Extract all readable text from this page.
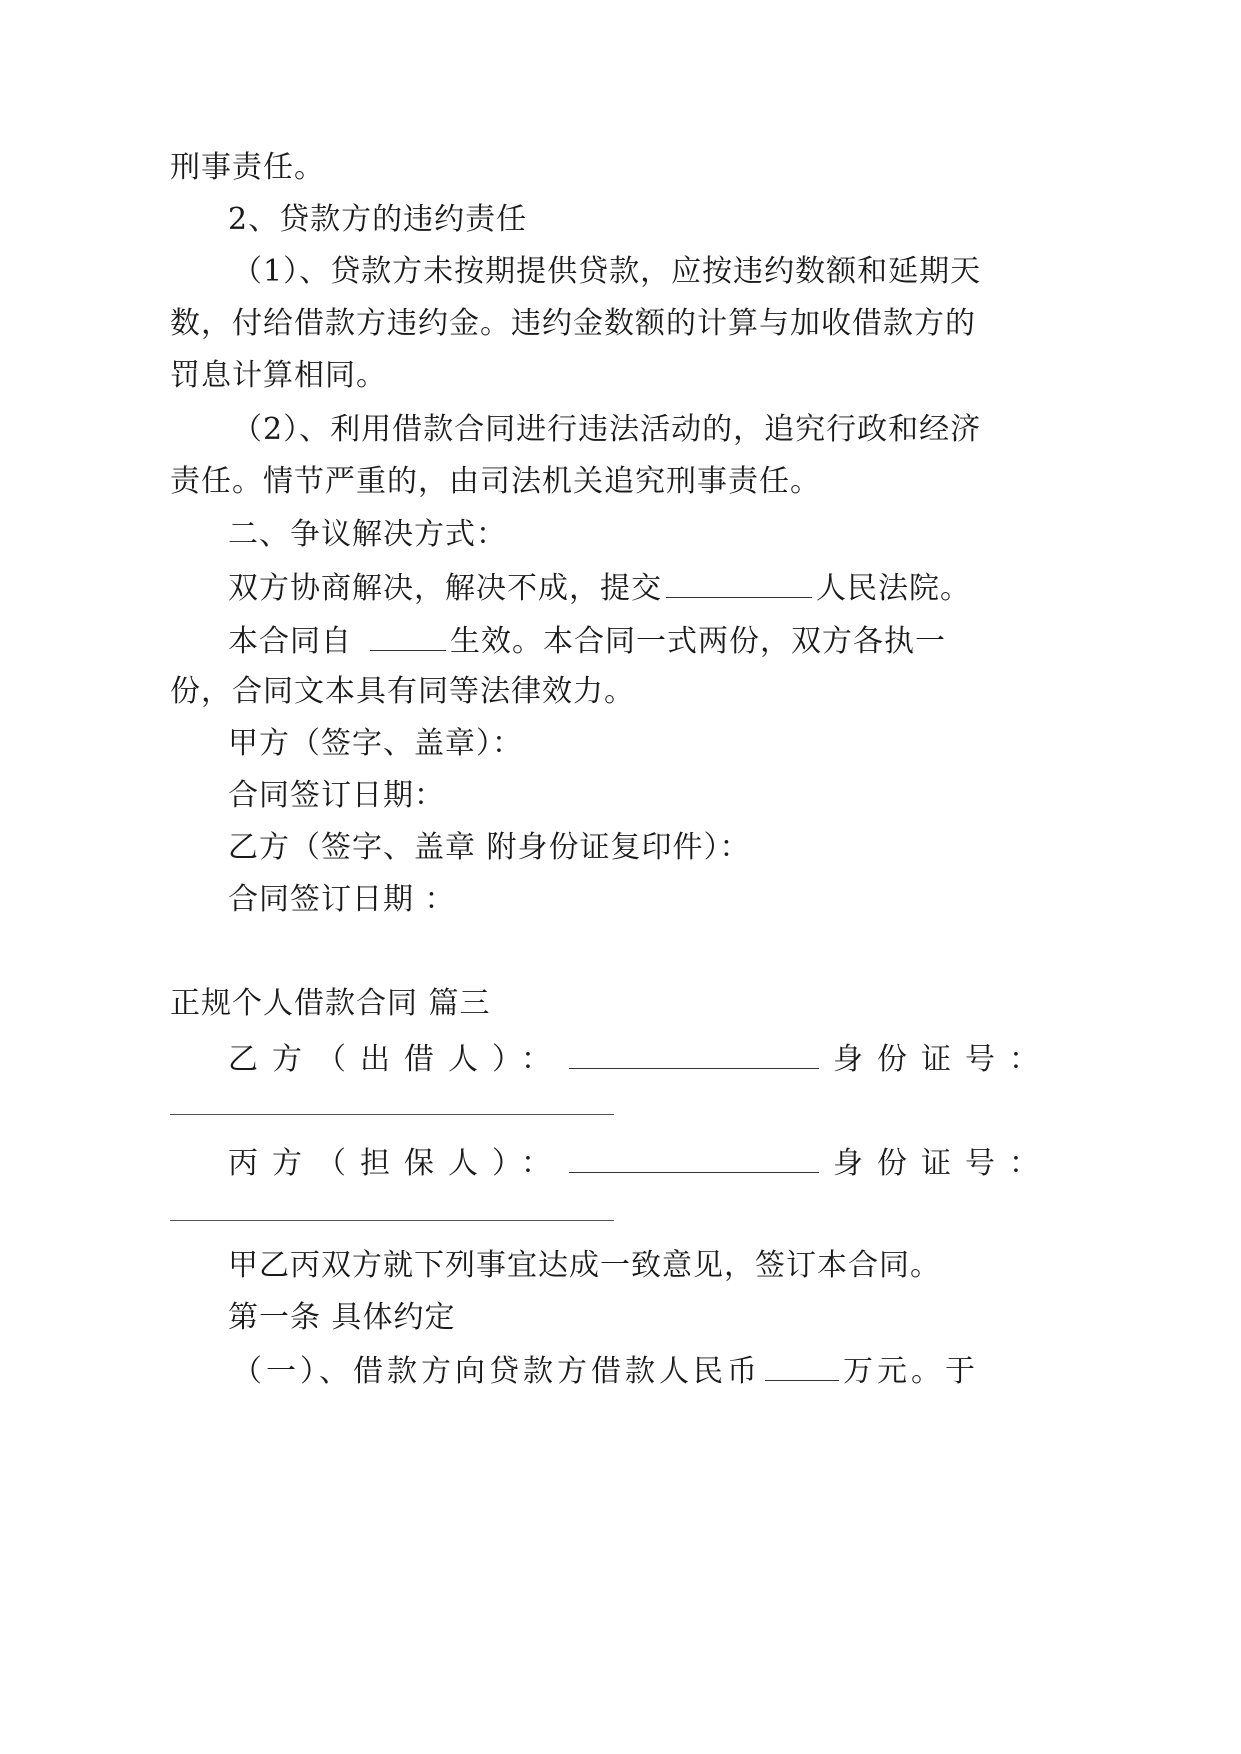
刑事责任。
2、贷款方的违约责任
（1）、贷款方未按期提供贷款，应按违约数额和延期天
数，付给借款方违约金。违约金数额的计算与加收借款方的
罚息计算相同。
（2）、利用借款合同进行违法活动的，追究行政和经济
责任。情节严重的，由司法机关追究刑事责任。
二、争议解决方式：
双方协商解决，解决不成，提交	人民法院。
本合同自	生效。本合同一式两份，双方各执一
份，合同文本具有同等法律效力。
甲方（签字、盖章）：
合同签订日期：
乙方（签字、盖章 附身份证复印件）：
合同签订日期 ：
正规个人借款合同 篇三
乙方（出借人）：	身份证号：
丙方（担保人）：	身份证号：
甲乙丙双方就下列事宜达成一致意见，签订本合同。
第一条 具体约定
（一）、借款方向贷款方借款人民币	万元。于
